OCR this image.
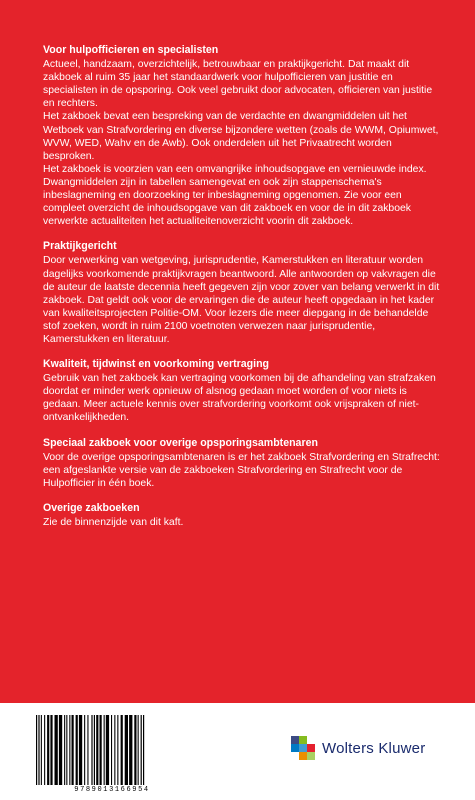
Voor hulpofficieren en specialisten

Actueel, handzaam, overzichtelijk, betrouwbaar en praktijkgericht. Dat maakt dit zakboek al ruim 35 jaar het standaardwerk voor hulpofficieren van justitie en specialisten in de opsporing. Ook veel gebruikt door advocaten, officieren van justitie en rechters.

Het zakboek bevat een bespreking van de verdachte en dwangmiddelen uit het Wetboek van Strafvordering en diverse bijzondere wetten (zoals de WWM, Opiumwet, WVW, WED, Wahv en de Awb). Ook onderdelen uit het Privaatrecht worden besproken.

Het zakboek is voorzien van een omvangrijke inhoudsopgave en vernieuwde index. Dwangmiddelen zijn in tabellen samengevat en ook zijn stappenschema's inbeslagneming en doorzoeking ter inbeslagneming opgenomen. Zie voor een compleet overzicht de inhoudsopgave van dit zakboek en voor de in dit zakboek verwerkte actualiteiten het actualiteitenoverzicht voorin dit zakboek.

Praktijkgericht

Door verwerking van wetgeving, jurisprudentie, Kamerstukken en literatuur worden dagelijks voorkomende praktijkvragen beantwoord. Alle antwoorden op vakvragen die de auteur de laatste decennia heeft gegeven zijn voor zover van belang verwerkt in dit zakboek. Dat geldt ook voor de ervaringen die de auteur heeft opgedaan in het kader van kwaliteitsprojecten Politie-OM. Voor lezers die meer diepgang in de behandelde stof zoeken, wordt in ruim 2100 voetnoten verwezen naar jurisprudentie, Kamerstukken en literatuur.

Kwaliteit, tijdwinst en voorkoming vertraging

Gebruik van het zakboek kan vertraging voorkomen bij de afhandeling van strafzaken doordat er minder werk opnieuw of alsnog gedaan moet worden of voor niets is gedaan. Meer actuele kennis over strafvordering voorkomt ook vrijspraken of niet-ontvankelijkheden.

Speciaal zakboek voor overige opsporingsambtenaren

Voor de overige opsporingsambtenaren is er het zakboek Strafvordering en Strafrecht: een afgeslankte versie van de zakboeken Strafvordering en Strafrecht voor de Hulpofficier in één boek.

Overige zakboeken

Zie de binnenzijde van dit kaft.

9789013166954
Wolters Kluwer
